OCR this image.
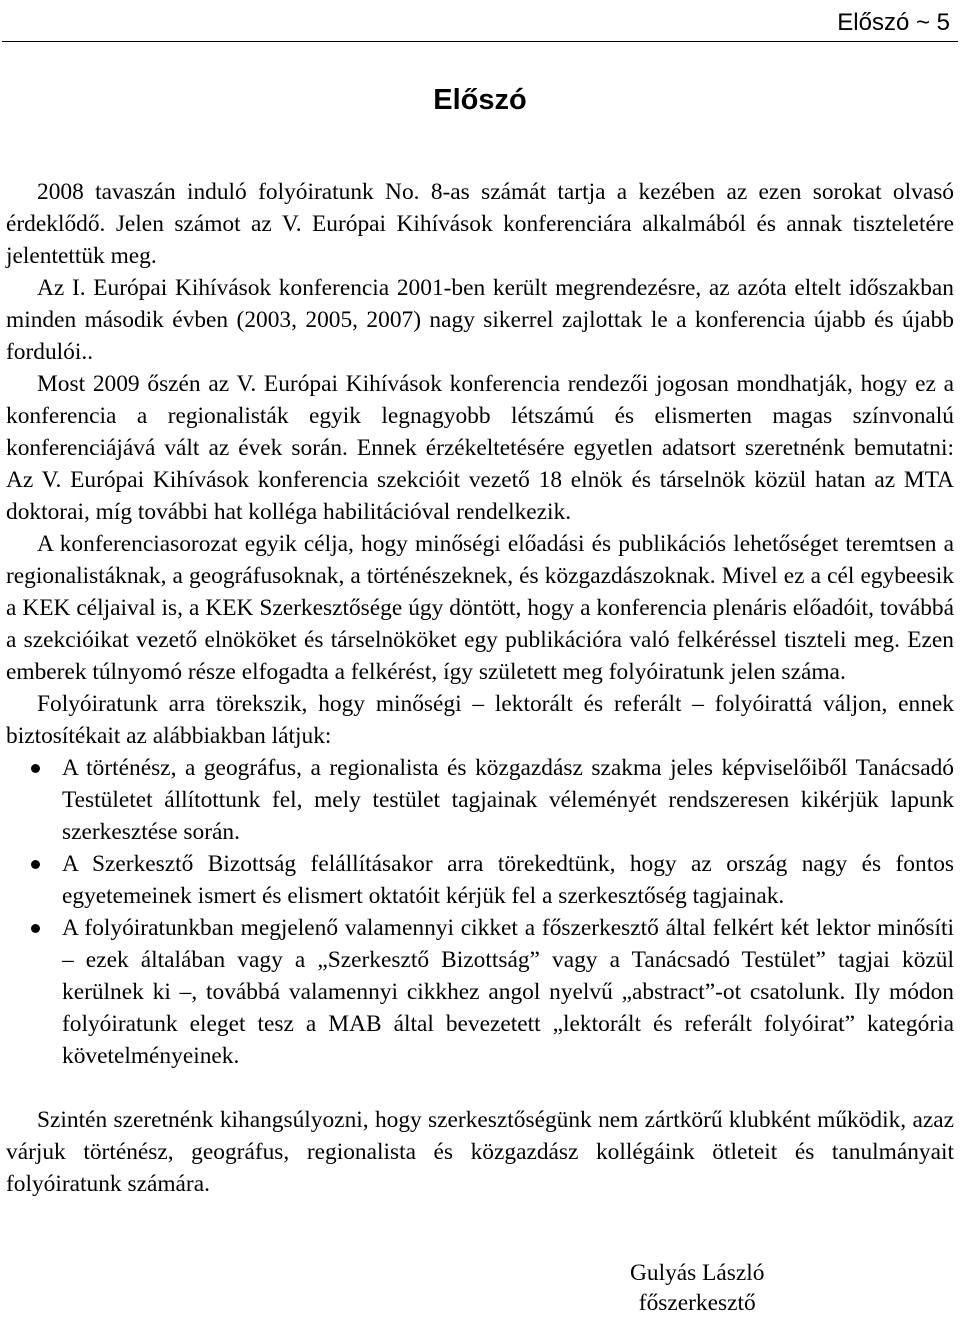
Előszó ~ 5
Előszó

2008 tavaszán induló folyóiratunk No. 8-as számát tartja a kezében az ezen sorokat olvasó érdeklődő. Jelen számot az V. Európai Kihívások konferenciára alkalmából és annak tiszteletére jelentettük meg.

Az I. Európai Kihívások konferencia 2001-ben került megrendezésre, az azóta eltelt időszakban minden második évben (2003, 2005, 2007) nagy sikerrel zajlottak le a konferencia újabb és újabb fordulói..

Most 2009 őszén az V. Európai Kihívások konferencia rendezői jogosan mondhatják, hogy ez a konferencia a regionalisták egyik legnagyobb létszámú és elismerten magas színvonalú konferenciájává vált az évek során. Ennek érzékeltetésére egyetlen adatsort szeretnénk bemutatni: Az V. Európai Kihívások konferencia szekcióit vezető 18 elnök és társelnök közül hatan az MTA doktorai, míg további hat kolléga habilitációval rendelkezik.

A konferenciasorozat egyik célja, hogy minőségi előadási és publikációs lehetőséget teremtsen a regionalistáknak, a geográfusoknak, a történészeknek, és közgazdászoknak. Mivel ez a cél egybeesik a KEK céljaival is, a KEK Szerkesztősége úgy döntött, hogy a konferencia plenáris előadóit, továbbá a szekcióikat vezető elnököket és társelnököket egy publikációra való felkéréssel tiszteli meg. Ezen emberek túlnyomó része elfogadta a felkérést, így született meg folyóiratunk jelen száma.

Folyóiratunk arra törekszik, hogy minőségi – lektorált és referált – folyóirattá váljon, ennek biztosítékait az alábbiakban látjuk:

A történész, a geográfus, a regionalista és közgazdász szakma jeles képviselőiből Tanácsadó Testületet állítottunk fel, mely testület tagjainak véleményét rendszeresen kikérjük lapunk szerkesztése során.
A Szerkesztő Bizottság felállításakor arra törekedtünk, hogy az ország nagy és fontos egyetemeinek ismert és elismert oktatóit kérjük fel a szerkesztőség tagjainak.
A folyóiratunkban megjelenő valamennyi cikket a főszerkesztő által felkért két lektor minősíti – ezek általában vagy a „Szerkesztő Bizottság” vagy a Tanácsadó Testület” tagjai közül kerülnek ki –, továbbá valamennyi cikkhez angol nyelvű „abstract”-ot csatolunk. Ily módon folyóiratunk eleget tesz a MAB által bevezetett „lektorált és referált folyóirat” kategória követelményeinek.

Szintén szeretnénk kihangsúlyozni, hogy szerkesztőségünk nem zártkörű klubként működik, azaz várjuk történész, geográfus, regionalista és közgazdász kollégáink ötleteit és tanulmányait folyóiratunk számára.

Gulyás László
főszerkesztő
